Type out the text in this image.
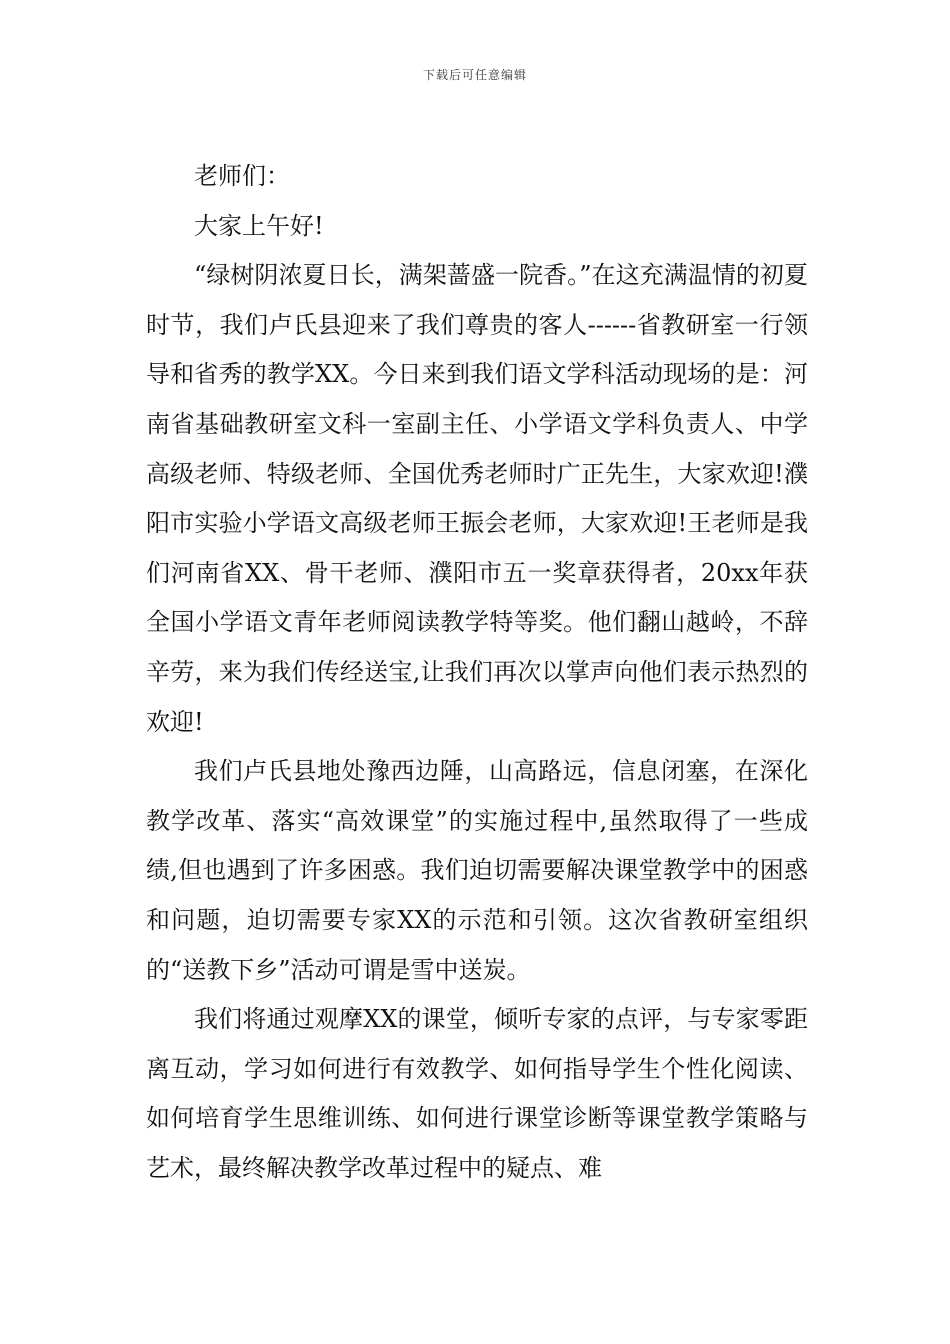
下载后可任意编辑

老师们：

大家上午好!

“绿树阴浓夏日长，满架蔷盛一院香。”在这充满温情的初夏时节，我们卢氏县迎来了我们尊贵的客人------省教研室一行领导和省秀的教学XX。今日来到我们语文学科活动现场的是：河南省基础教研室文科一室副主任、小学语文学科负责人、中学高级老师、特级老师、全国优秀老师时广正先生，大家欢迎!濮阳市实验小学语文高级老师王振会老师，大家欢迎!王老师是我们河南省XX、骨干老师、濮阳市五一奖章获得者，20xx年获全国小学语文青年老师阅读教学特等奖。他们翻山越岭，不辞辛劳，来为我们传经送宝,让我们再次以掌声向他们表示热烈的欢迎!

我们卢氏县地处豫西边陲，山高路远，信息闭塞，在深化教学改革、落实“高效课堂”的实施过程中,虽然取得了一些成绩,但也遇到了许多困惑。我们迫切需要解决课堂教学中的困惑和问题，迫切需要专家XX的示范和引领。这次省教研室组织的“送教下乡”活动可谓是雪中送炭。

我们将通过观摩XX的课堂，倾听专家的点评，与专家零距离互动，学习如何进行有效教学、如何指导学生个性化阅读、如何培育学生思维训练、如何进行课堂诊断等课堂教学策略与艺术，最终解决教学改革过程中的疑点、难
